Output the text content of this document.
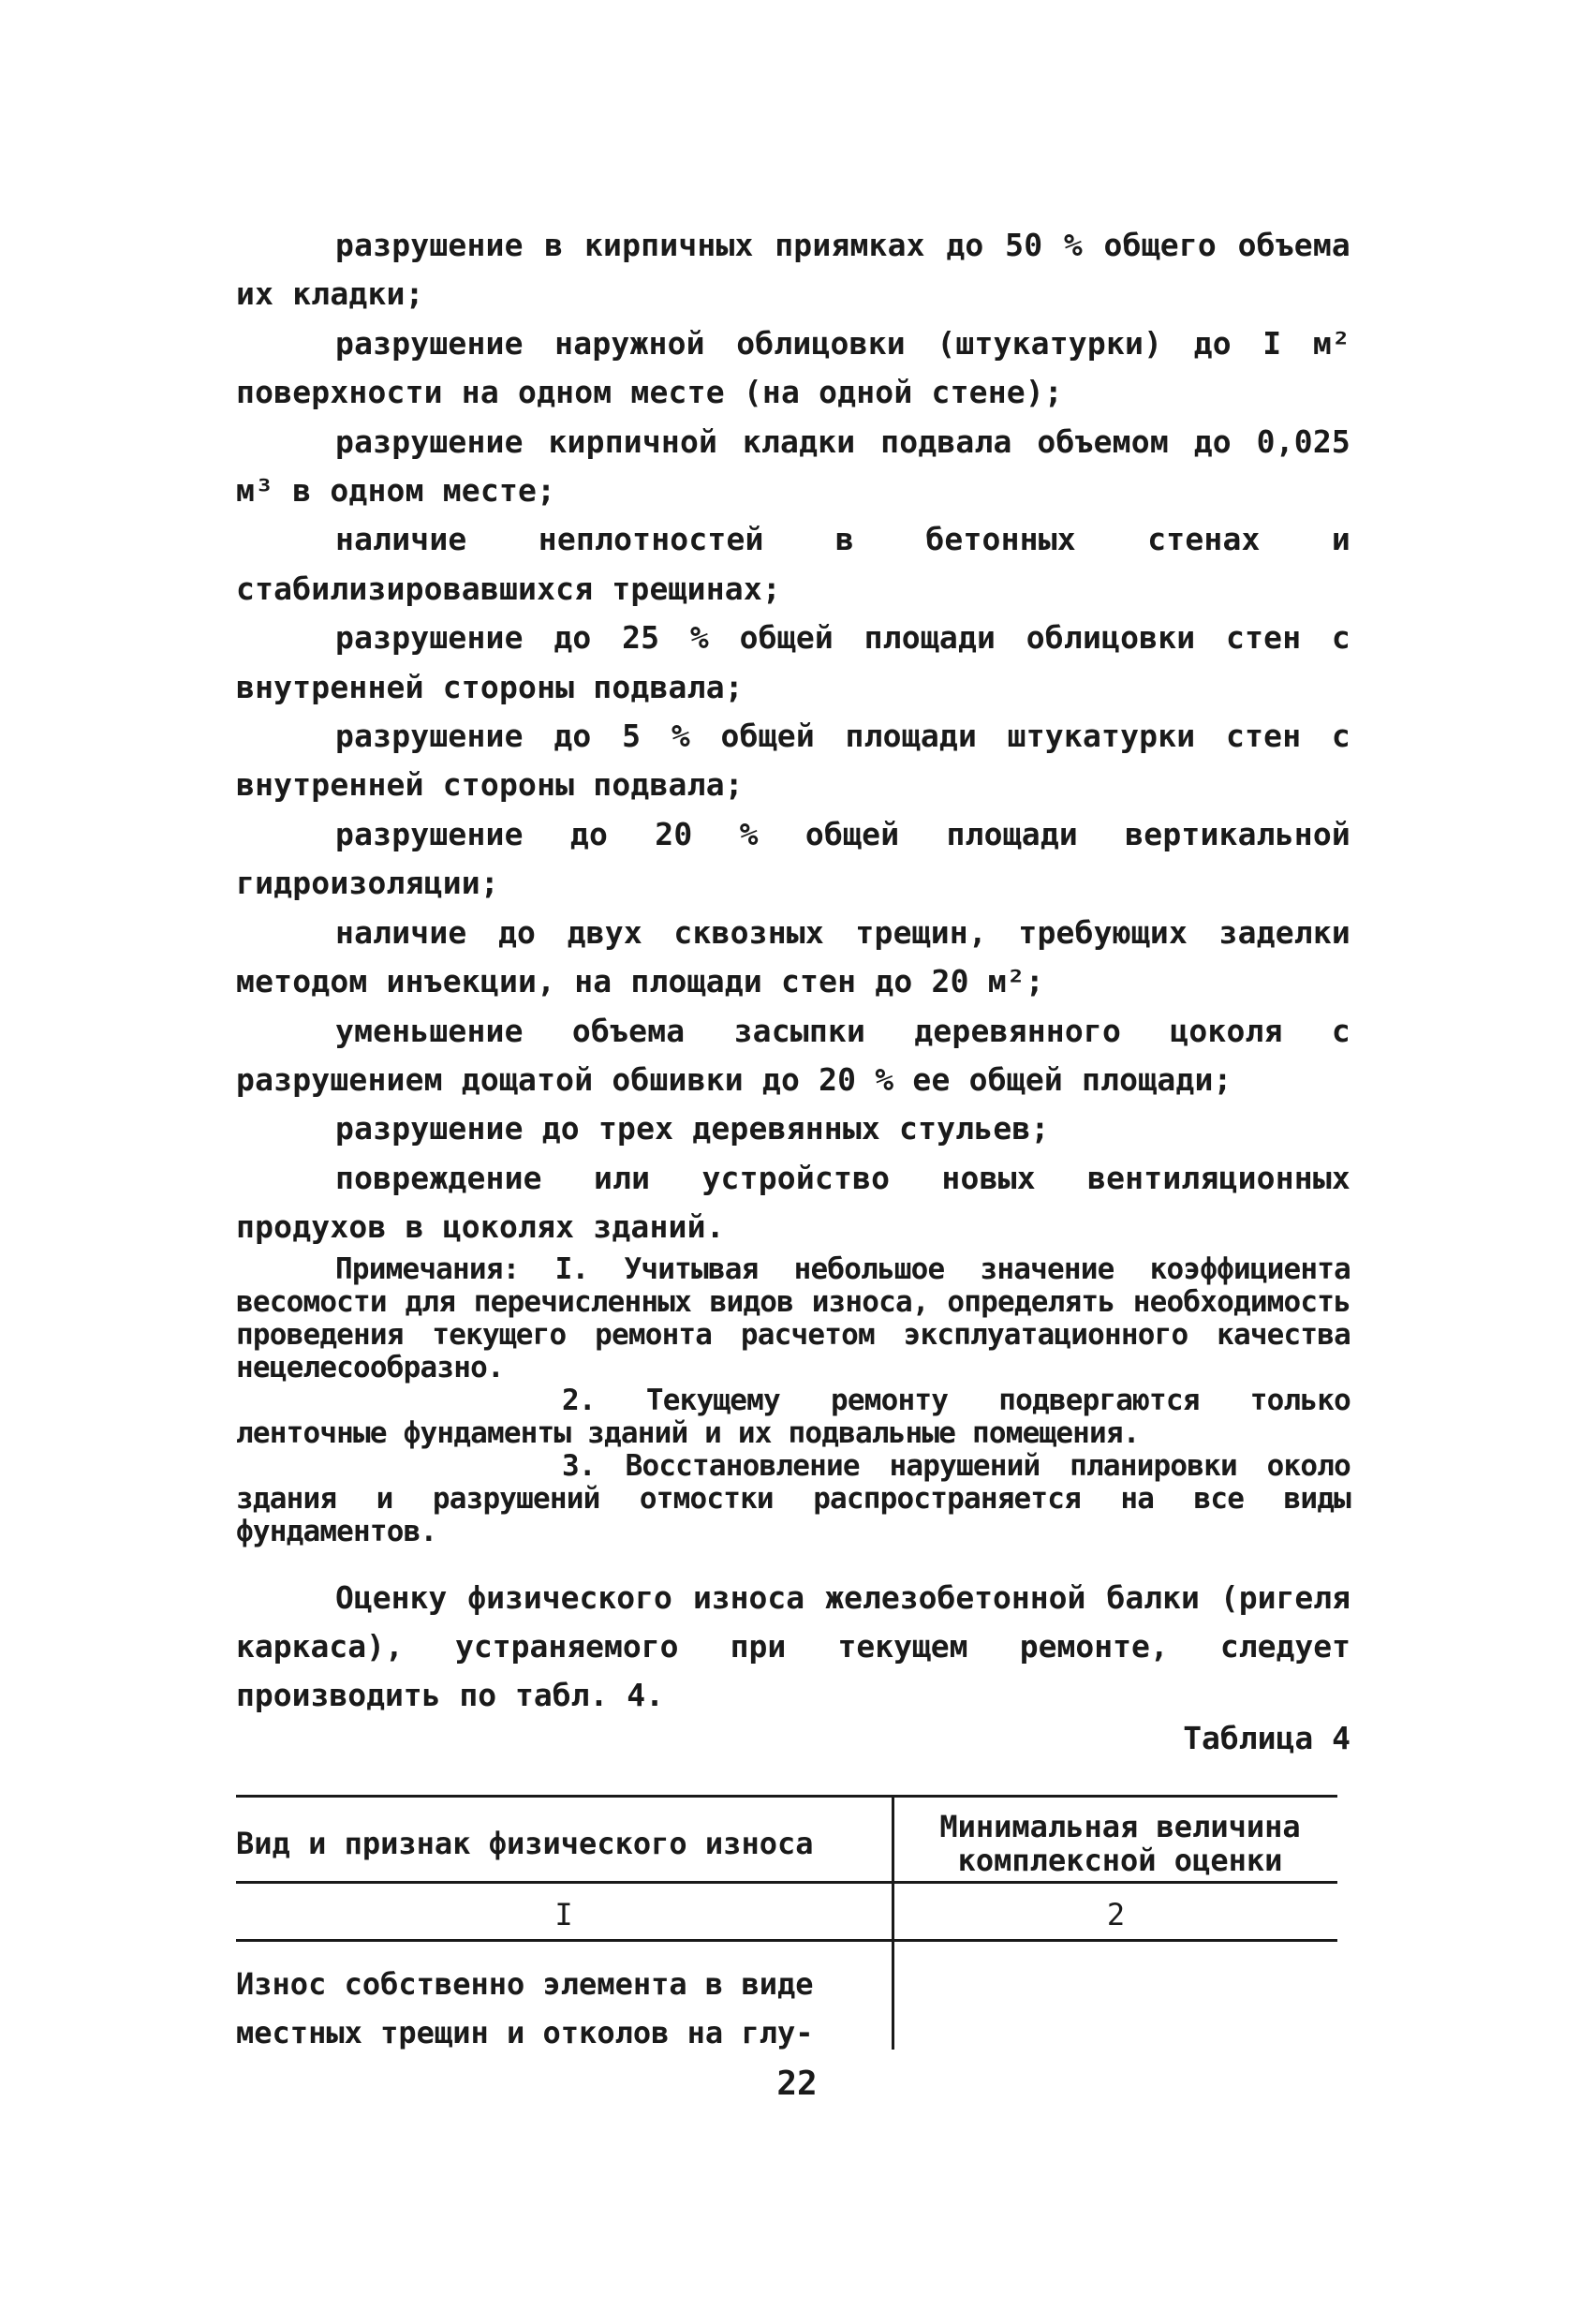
разрушение в кирпичных приямках до 50 % общего объема их кладки;

разрушение наружной облицовки (штукатурки) до I м² поверхности на одном месте (на одной стене);

разрушение кирпичной кладки подвала объемом до 0,025 м³ в одном месте;

наличие неплотностей в бетонных стенах и стабилизировавшихся трещинах;

разрушение до 25 % общей площади облицовки стен с внутренней стороны подвала;

разрушение до 5 % общей площади штукатурки стен с внутренней стороны подвала;

разрушение до 20 % общей площади вертикальной гидроизоляции;

наличие до двух сквозных трещин, требующих заделки методом инъекции, на площади стен до 20 м²;

уменьшение объема засыпки деревянного цоколя с разрушением дощатой обшивки до 20 % ее общей площади;

разрушение до трех деревянных стульев;

повреждение или устройство новых вентиляционных продухов в цоколях зданий.

Примечания: I. Учитывая небольшое значение коэффициента весомости для перечисленных видов износа, определять необходимость проведения текущего ремонта расчетом эксплуатационного качества нецелесообразно.

2. Текущему ремонту подвергаются только ленточные фундаменты зданий и их подвальные помещения.

3. Восстановление нарушений планировки около здания и разрушений отмостки распространяется на все виды фундаментов.

Оценку физического износа железобетонной балки (ригеля каркаса), устраняемого при текущем ремонте, следует производить по табл. 4.

Таблица 4
Вид и признак физического износа	Минимальная величина комплексной оценки
I	2
Износ собственно элемента в виде местных трещин и отколов на глу-
22
